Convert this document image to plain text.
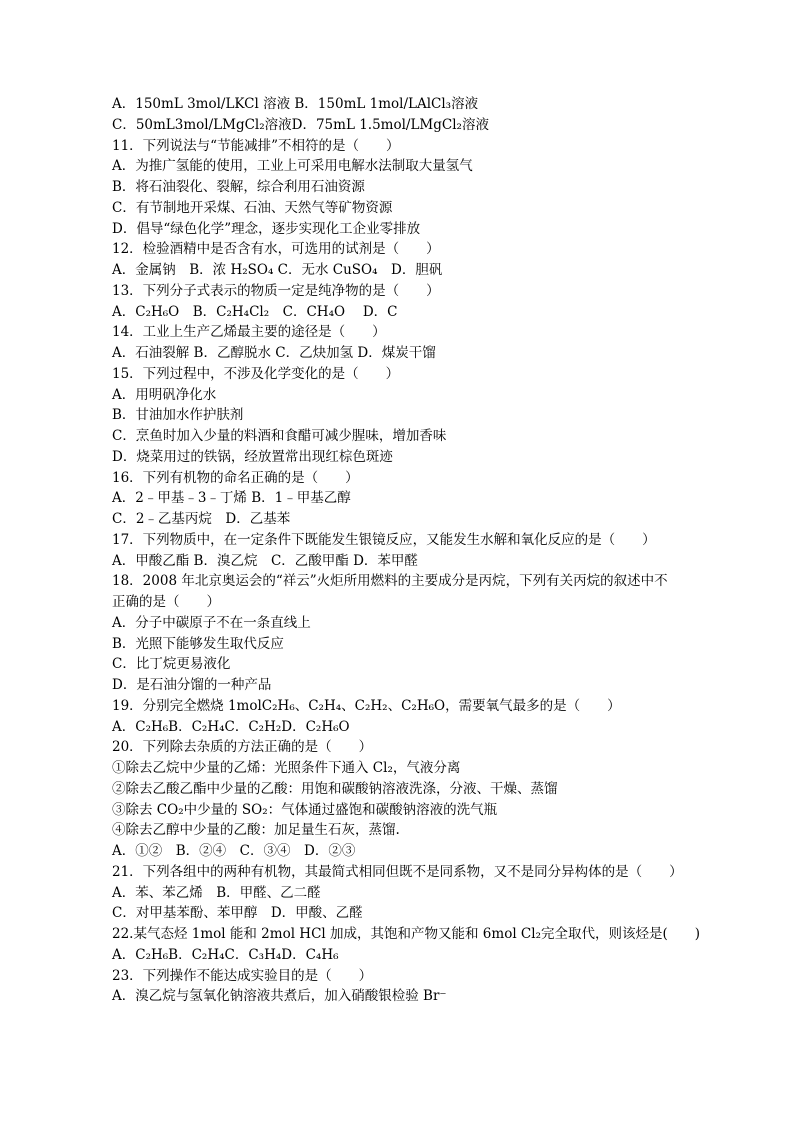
A．150mL 3mol/LKCl 溶液 B．150mL 1mol/LAlCl₃溶液
C．50mL3mol/LMgCl₂溶液D．75mL 1.5mol/LMgCl₂溶液
11．下列说法与“节能减排”不相符的是（　　）
A．为推广氢能的使用，工业上可采用电解水法制取大量氢气
B．将石油裂化、裂解，综合利用石油资源
C．有节制地开采煤、石油、天然气等矿物资源
D．倡导“绿色化学”理念，逐步实现化工企业零排放
12．检验酒精中是否含有水，可选用的试剂是（　　）
A．金属钠　B．浓 H₂SO₄ C．无水 CuSO₄　D．胆矾
13．下列分子式表示的物质一定是纯净物的是（　　）
A．C₂H₆O　B．C₂H₄Cl₂　C．CH₄O　 D．C
14．工业上生产乙烯最主要的途径是（　　）
A．石油裂解 B．乙醇脱水 C．乙炔加氢 D．煤炭干馏
15．下列过程中，不涉及化学变化的是（　　）
A．用明矾净化水
B．甘油加水作护肤剂
C．烹鱼时加入少量的料酒和食醋可减少腥味，增加香味
D．烧菜用过的铁锅，经放置常出现红棕色斑迹
16．下列有机物的命名正确的是（　　）
A．2﹣甲基﹣3﹣丁烯 B．1﹣甲基乙醇
C．2﹣乙基丙烷　D．乙基苯
17．下列物质中，在一定条件下既能发生银镜反应，又能发生水解和氧化反应的是（　　）
A．甲酸乙酯 B．溴乙烷　C．乙酸甲酯 D．苯甲醛
18．2008 年北京奥运会的“祥云”火炬所用燃料的主要成分是丙烷，下列有关丙烷的叙述中不
正确的是（　　）
A．分子中碳原子不在一条直线上
B．光照下能够发生取代反应
C．比丁烷更易液化
D．是石油分馏的一种产品
19．分别完全燃烧 1molC₂H₆、C₂H₄、C₂H₂、C₂H₆O，需要氧气最多的是（　　）
A．C₂H₆B．C₂H₄C．C₂H₂D．C₂H₆O
20．下列除去杂质的方法正确的是（　　）
①除去乙烷中少量的乙烯：光照条件下通入 Cl₂，气液分离
②除去乙酸乙酯中少量的乙酸：用饱和碳酸钠溶液洗涤，分液、干燥、蒸馏
③除去 CO₂中少量的 SO₂：气体通过盛饱和碳酸钠溶液的洗气瓶
④除去乙醇中少量的乙酸：加足量生石灰，蒸馏.
A．①②　B．②④　C．③④　D．②③
21．下列各组中的两种有机物，其最简式相同但既不是同系物，又不是同分异构体的是（　　）
A．苯、苯乙烯　B．甲醛、乙二醛
C．对甲基苯酚、苯甲醇　D．甲酸、乙醛
22.某气态烃 1mol 能和 2mol HCl 加成，其饱和产物又能和 6mol Cl₂完全取代，则该烃是(　　)
A．C₂H₆B．C₂H₄C．C₃H₄D．C₄H₆
23．下列操作不能达成实验目的是（　　）
A．溴乙烷与氢氧化钠溶液共煮后，加入硝酸银检验 Br⁻
